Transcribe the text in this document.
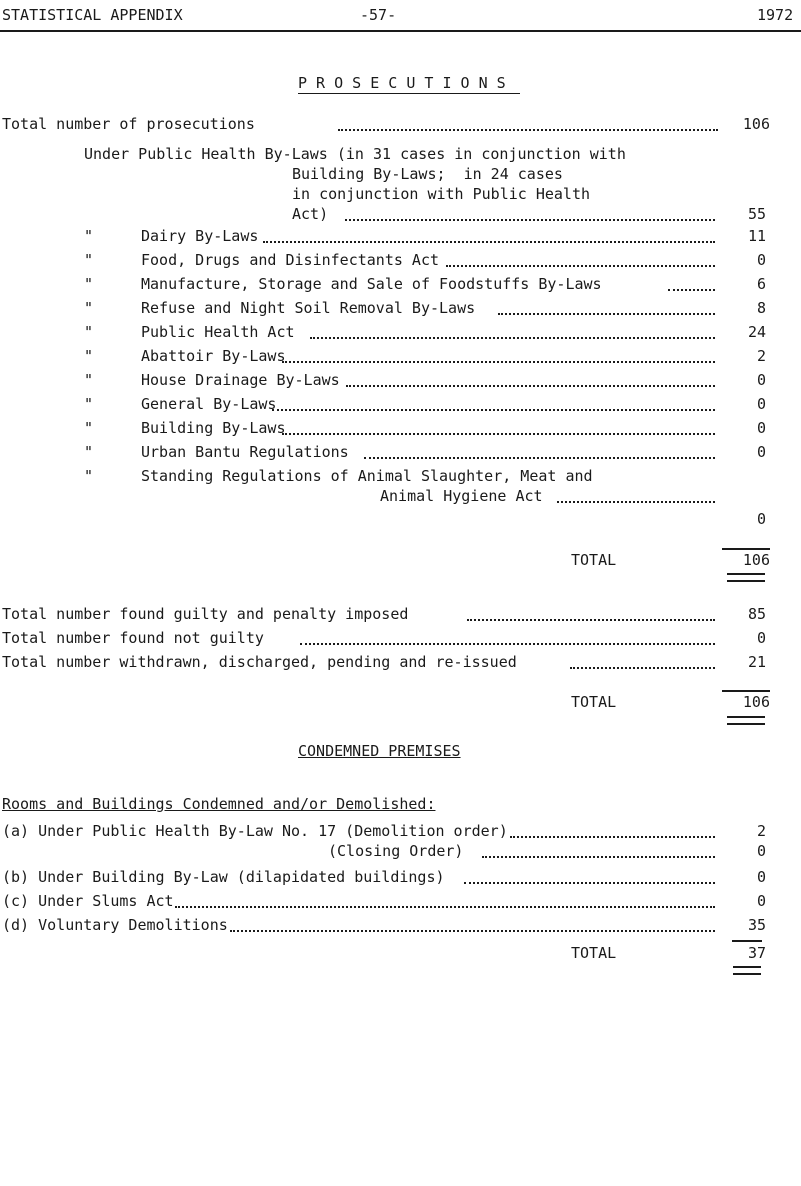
STATISTICAL APPENDIX	-57-	1972
P R O S E C U T I O N S
Total number of prosecutions	106
Under Public Health By-Laws (in 31 cases in conjunction with
Building By-Laws;  in 24 cases
in conjunction with Public Health
Act)	55
"	Dairy By-Laws	11
"	Food, Drugs and Disinfectants Act	0
"	Manufacture, Storage and Sale of Foodstuffs By-Laws	6
"	Refuse and Night Soil Removal By-Laws	8
"	Public Health Act	24
"	Abattoir By-Laws	2
"	House Drainage By-Laws	0
"	General By-Laws	0
"	Building By-Laws	0
"	Urban Bantu Regulations	0
"	Standing Regulations of Animal Slaughter, Meat and
Animal Hygiene Act
0
TOTAL	106
Total number found guilty and penalty imposed	85
Total number found not guilty	0
Total number withdrawn, discharged, pending and re-issued	21
TOTAL	106
CONDEMNED PREMISES
Rooms and Buildings Condemned and/or Demolished:
(a) Under Public Health By-Law No. 17 (Demolition order)	2
(Closing Order)	0
(b) Under Building By-Law (dilapidated buildings)	0
(c) Under Slums Act	0
(d) Voluntary Demolitions	35
TOTAL	37
